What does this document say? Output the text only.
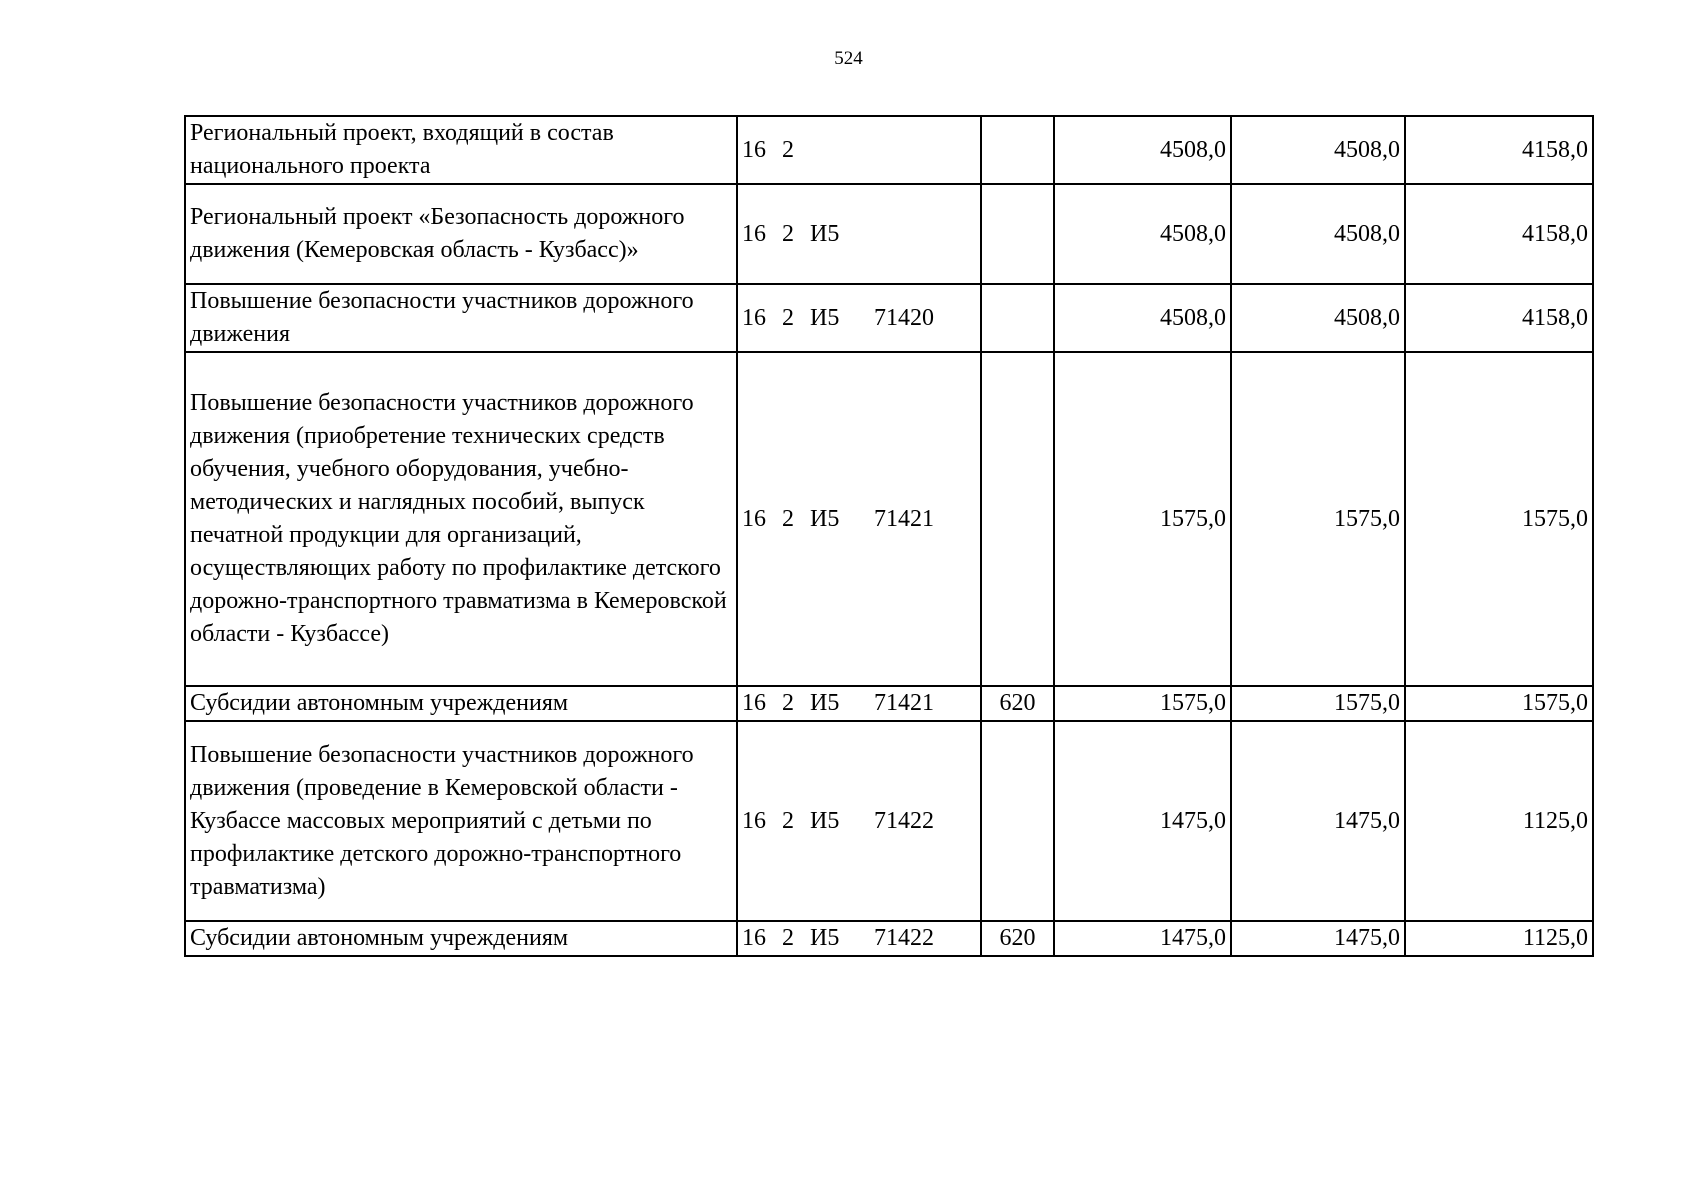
524
Региональный проект, входящий в состав национального проекта	16 2		4508,0	4508,0	4158,0
Региональный проект «Безопасность дорожного движения (Кемеровская область - Кузбасс)»	16 2 И5		4508,0	4508,0	4158,0
Повышение безопасности участников дорожного движения	16 2 И5 71420		4508,0	4508,0	4158,0
Повышение безопасности участников дорожного движения (приобретение технических средств обучения, учебного оборудования, учебно-методических и наглядных пособий, выпуск печатной продукции для организаций, осуществляющих работу по профилактике детского дорожно-транспортного травматизма в Кемеровской области - Кузбассе)	16 2 И5 71421		1575,0	1575,0	1575,0
Субсидии автономным учреждениям	16 2 И5 71421	620	1575,0	1575,0	1575,0
Повышение безопасности участников дорожного движения (проведение в Кемеровской области - Кузбассе массовых мероприятий с детьми по профилактике детского дорожно-транспортного травматизма)	16 2 И5 71422		1475,0	1475,0	1125,0
Субсидии автономным учреждениям	16 2 И5 71422	620	1475,0	1475,0	1125,0
